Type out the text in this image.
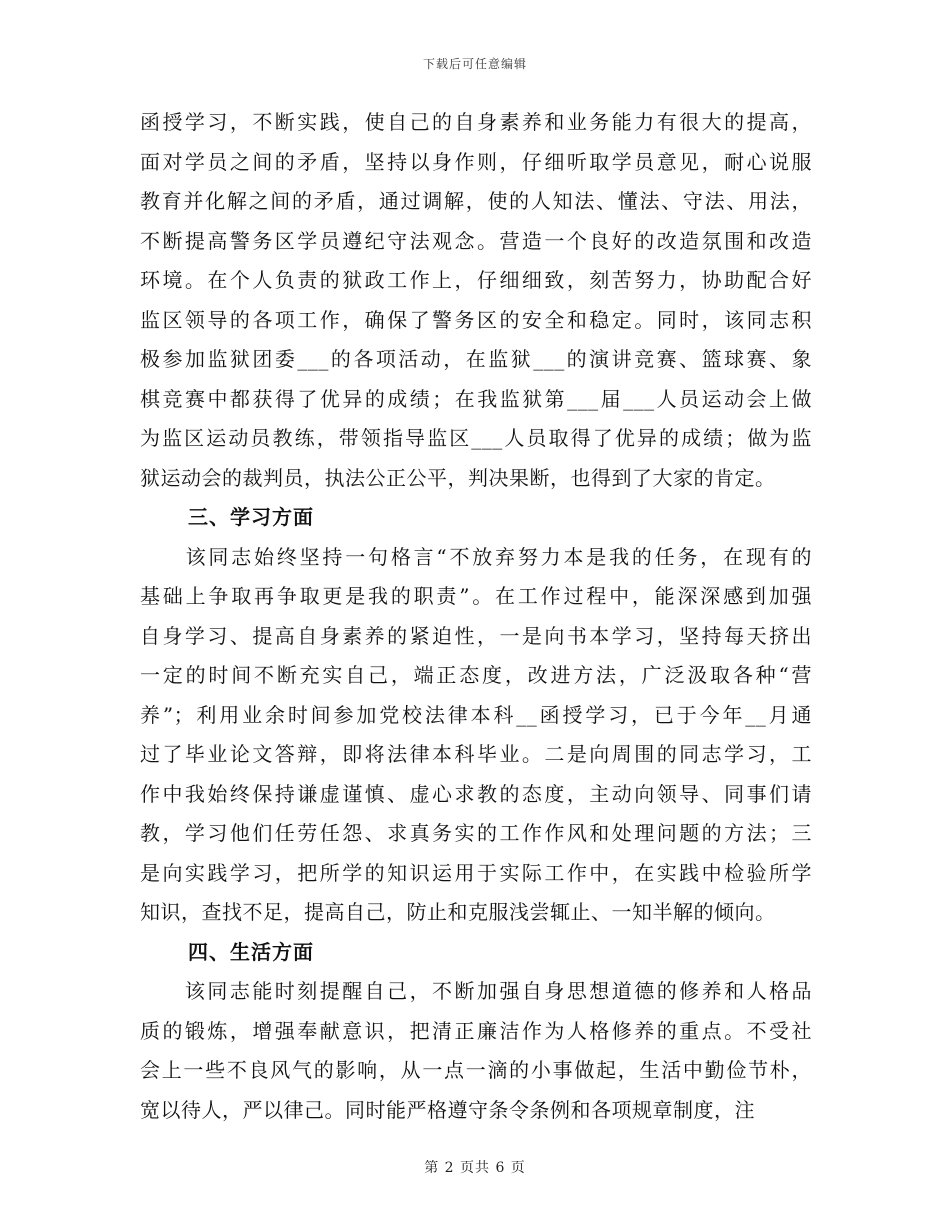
下载后可任意编辑
函授学习，不断实践，使自己的自身素养和业务能力有很大的提高，
面对学员之间的矛盾，坚持以身作则，仔细听取学员意见，耐心说服
教育并化解之间的矛盾，通过调解，使的人知法、懂法、守法、用法，
不断提高警务区学员遵纪守法观念。营造一个良好的改造氛围和改造
环境。在个人负责的狱政工作上，仔细细致，刻苦努力，协助配合好
监区领导的各项工作，确保了警务区的安全和稳定。同时，该同志积
极参加监狱团委___的各项活动，在监狱___的演讲竞赛、篮球赛、象
棋竞赛中都获得了优异的成绩；在我监狱第___届___人员运动会上做
为监区运动员教练，带领指导监区___人员取得了优异的成绩；做为监
狱运动会的裁判员，执法公正公平，判决果断，也得到了大家的肯定。
三、学习方面
　　该同志始终坚持一句格言“不放弃努力本是我的任务，在现有的
基础上争取再争取更是我的职责”。在工作过程中，能深深感到加强
自身学习、提高自身素养的紧迫性，一是向书本学习，坚持每天挤出
一定的时间不断充实自己，端正态度，改进方法，广泛汲取各种“营
养”；利用业余时间参加党校法律本科__函授学习，已于今年__月通
过了毕业论文答辩，即将法律本科毕业。二是向周围的同志学习，工
作中我始终保持谦虚谨慎、虚心求教的态度，主动向领导、同事们请
教，学习他们任劳任怨、求真务实的工作作风和处理问题的方法；三
是向实践学习，把所学的知识运用于实际工作中，在实践中检验所学
知识，查找不足，提高自己，防止和克服浅尝辄止、一知半解的倾向。
四、生活方面
　　该同志能时刻提醒自己，不断加强自身思想道德的修养和人格品
质的锻炼，增强奉献意识，把清正廉洁作为人格修养的重点。不受社
会上一些不良风气的影响，从一点一滴的小事做起，生活中勤俭节朴，
宽以待人，严以律己。同时能严格遵守条令条例和各项规章制度，注
第 2 页共 6 页
